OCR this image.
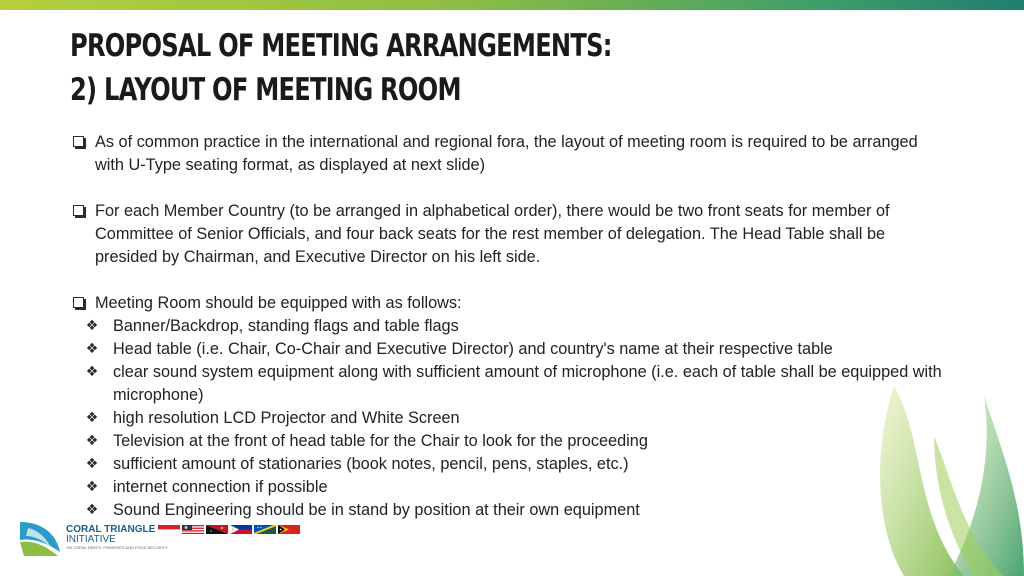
PROPOSAL OF MEETING ARRANGEMENTS:
2) LAYOUT OF MEETING ROOM

As of common practice in the international and regional fora, the layout of meeting room is required to be arranged with U-Type seating format, as displayed at next slide)

For each Member Country (to be arranged in alphabetical order), there would be two front seats for member of Committee of Senior Officials, and four back seats for the rest member of delegation. The Head Table shall be presided by Chairman, and Executive Director on his left side.

Meeting Room should be equipped with as follows:
❖ Banner/Backdrop, standing flags and table flags
❖ Head table (i.e. Chair, Co-Chair and Executive Director) and country's name at their respective table
❖ clear sound system equipment along with sufficient amount of microphone (i.e. each of table shall be equipped with microphone)
❖ high resolution LCD Projector and White Screen
❖ Television at the front of head table for the Chair to look for the proceeding
❖ sufficient amount of stationaries (book notes, pencil, pens, staples, etc.)
❖ internet connection if possible
❖ Sound Engineering should be in stand by position at their own equipment
CORAL TRIANGLE
INITIATIVE
ON CORAL REEFS, FISHERIES AND FOOD SECURITY
